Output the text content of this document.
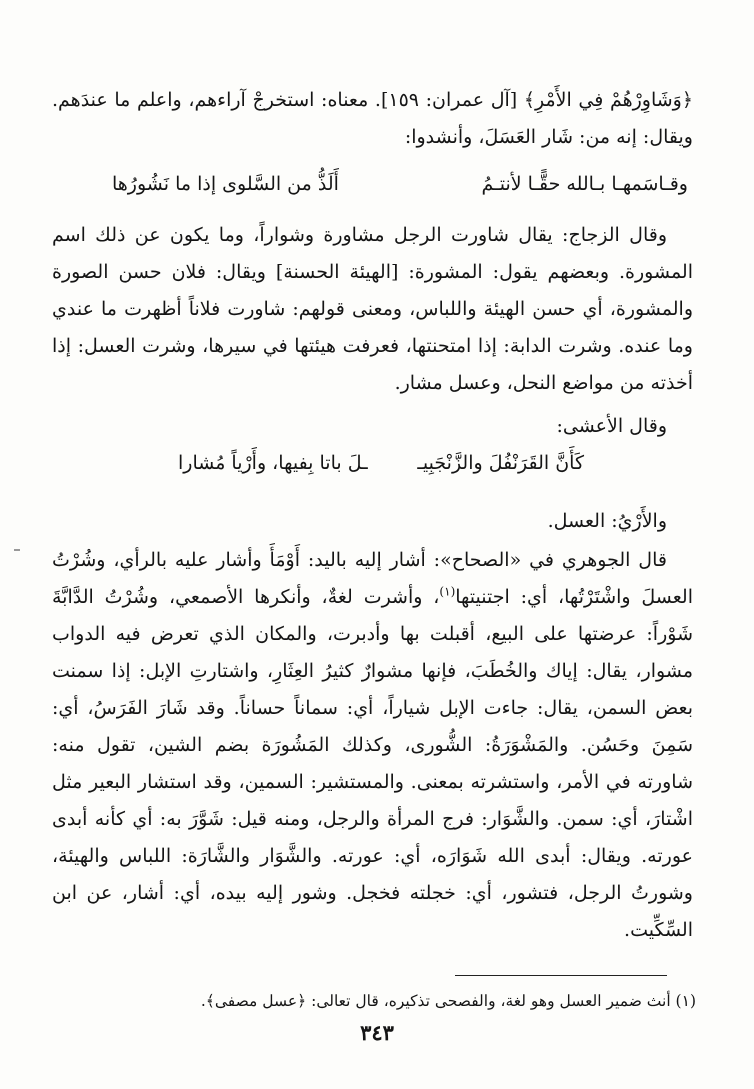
﴿وَشَاوِرْهُمْ فِي الأَمْرِ﴾ [آل عمران: ١٥٩]. معناه: استخرجْ آراءهم، واعلم ما عندَهم. ويقال: إنه من: شَار العَسَلَ، وأنشدوا:

وقـاسَمهـا بـالله حقًّـا لأنتـمُ
أَلَذُّ من السَّلوى إذا ما نَشُورُها

وقال الزجاج: يقال شاورت الرجل مشاورة وشواراً، وما يكون عن ذلك اسم المشورة. وبعضهم يقول: المشورة: [الهيئة الحسنة] ويقال: فلان حسن الصورة والمشورة، أي حسن الهيئة واللباس، ومعنى قولهم: شاورت فلاناً أظهرت ما عندي وما عنده. وشرت الدابة: إذا امتحنتها، فعرفت هيئتها في سيرها، وشرت العسل: إذا أخذته من مواضع النحل، وعسل مشار.

وقال الأعشى:

كَأَنَّ القَرَنْفُلَ والزَّنْجَبِيـ
ـلَ باتا بِفيها، وأَرْياً مُشارا

والأَرْيُ: العسل.

قال الجوهري في «الصحاح»: أشار إليه باليد: أَوْمَأَ وأشار عليه بالرأي، وشُرْتُ العسلَ واشْتَرْتُها، أي: اجتنيتها$^{(١)}$، وأشرت لغةٌ، وأنكرها الأصمعي، وشُرْتُ الدَّابَّةَ شَوْراً: عرضتها على البيع، أقبلت بها وأدبرت، والمكان الذي تعرض فيه الدواب مشوار، يقال: إياك والخُطَبَ، فإنها مشوارٌ كثيرُ العِثَارِ، واشتارتِ الإبل: إذا سمنت بعض السمن، يقال: جاءت الإبل شياراً، أي: سماناً حساناً. وقد شَارَ الفَرَسُ، أي: سَمِنَ وحَسُن. والمَشْوَرَةُ: الشُّورى، وكذلك المَشُورَة بضم الشين، تقول منه: شاورته في الأمر، واستشرته بمعنى. والمستشير: السمين، وقد استشار البعير مثل اشْتارَ، أي: سمن. والشَّوَار: فرج المرأة والرجل، ومنه قيل: شَوَّرَ به: أي كأنه أبدى عورته. ويقال: أبدى الله شَوَارَه، أي: عورته. والشَّوَار والشَّارَة: اللباس والهيئة، وشورتُ الرجل، فتشور، أي: خجلته فخجل. وشور إليه بيده، أي: أشار، عن ابن السِّكِّيت.

(١) أنث ضمير العسل وهو لغة، والفصحى تذكيره، قال تعالى: ﴿عسل مصفى﴾.
٣٤٣
